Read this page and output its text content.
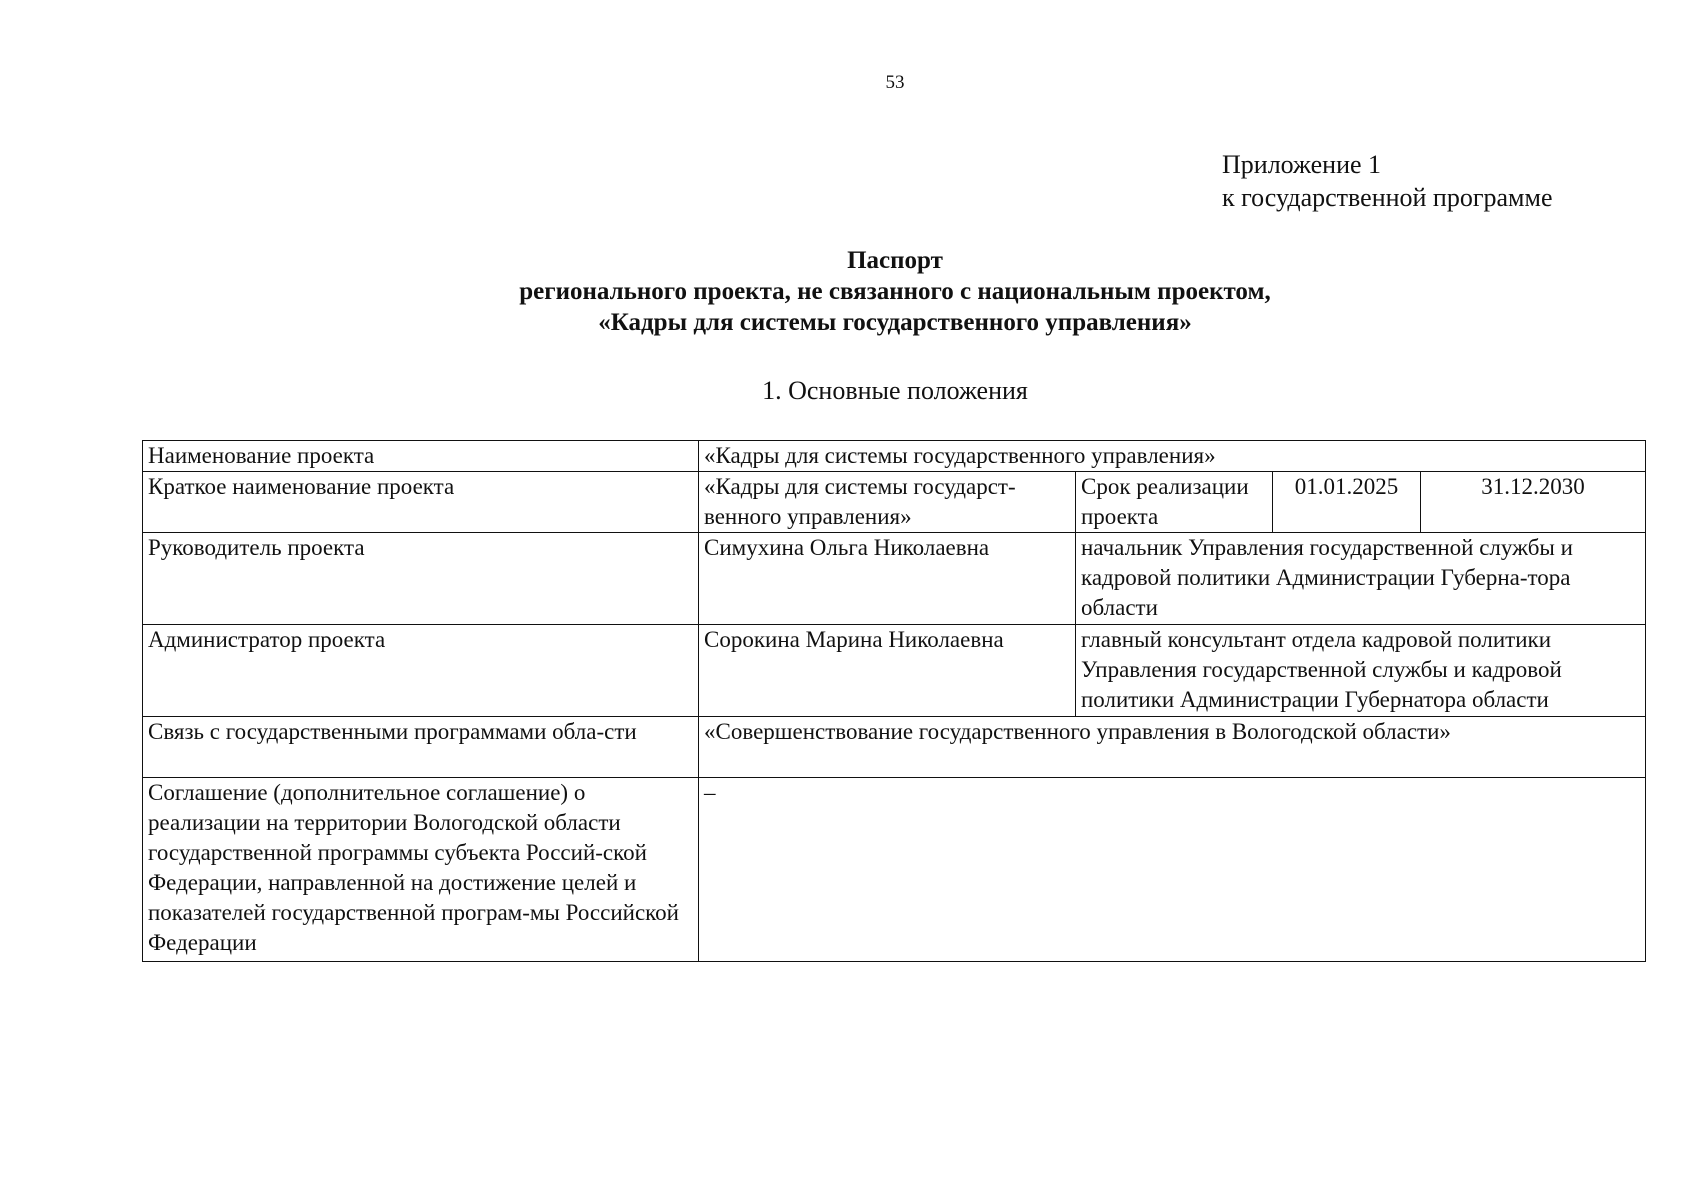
53
Приложение 1
к государственной программе
Паспорт
регионального проекта, не связанного с национальным проектом,
«Кадры для системы государственного управления»
1. Основные положения
Наименование проекта	«Кадры для системы государственного управления»			
Краткое наименование проекта	«Кадры для системы государст-венного управления»	Срок реализации проекта	01.01.2025	31.12.2030
Руководитель проекта	Симухина Ольга Николаевна	начальник Управления государственной службы и кадровой политики Администрации Губерна-тора области		
Администратор проекта	Сорокина Марина Николаевна	главный консультант отдела кадровой политики Управления государственной службы и кадровой политики Администрации Губернатора области		
Связь с государственными программами обла-сти	«Совершенствование государственного управления в Вологодской области»			
Соглашение (дополнительное соглашение) о реализации на территории Вологодской области государственной программы субъекта Россий-ской Федерации, направленной на достижение целей и показателей государственной програм-мы Российской Федерации	–			
